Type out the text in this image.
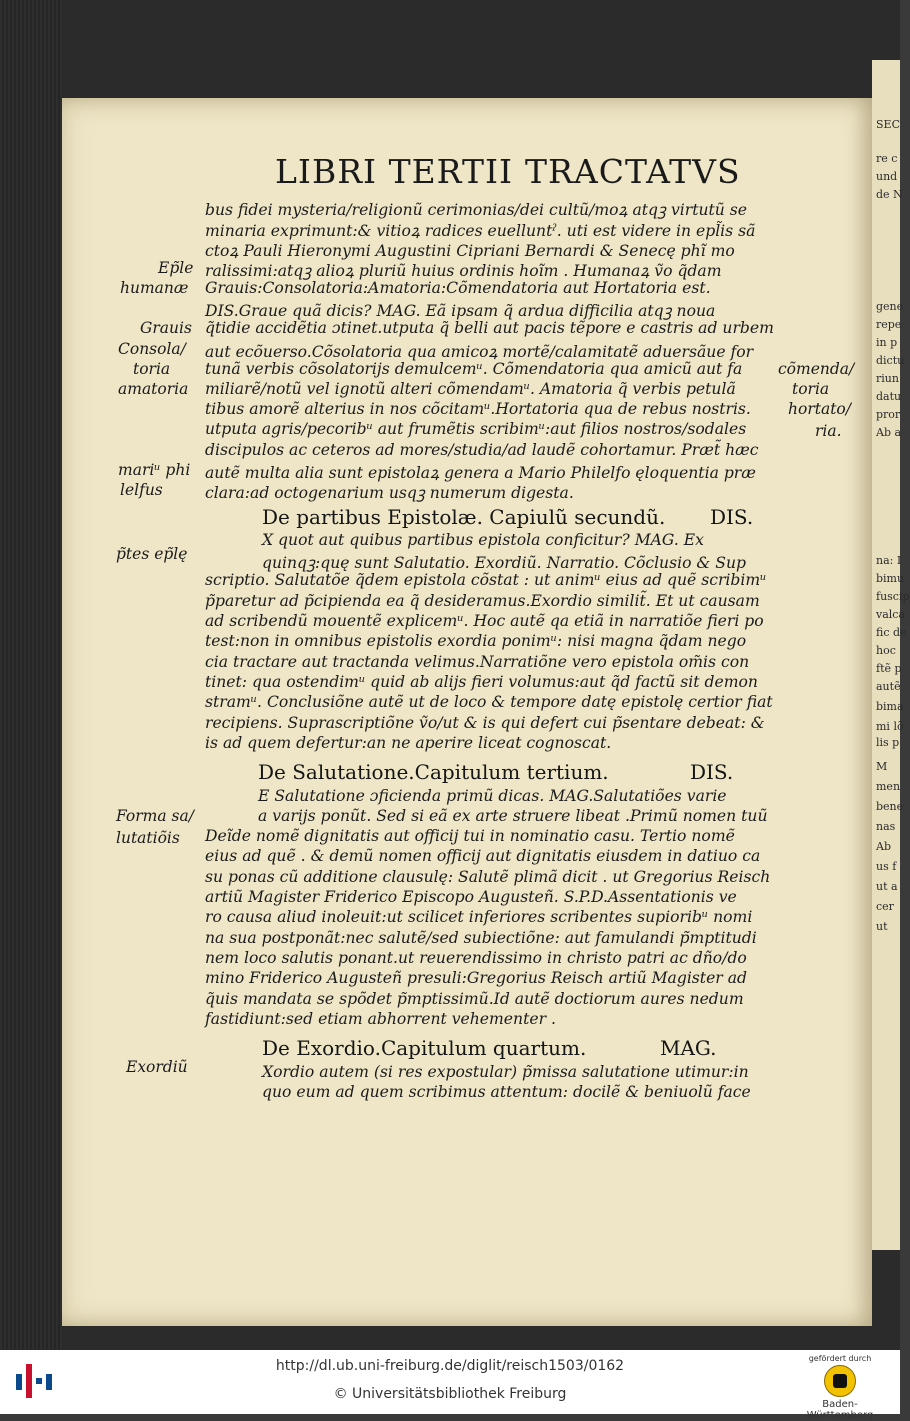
SEC
re c
und
de N
gene
repe
in p
dictu
riun
datu
pror
Ab a
na: I
bimu
fuscip
valca
fic de
hoc
ftẽ p
autẽ
bima
mi lõ
lis p
M
men
bene
nas
Ab
us f
ut a
cer
ut
LIBRI TERTII TRACTATVS
bus fidei mysteria/religionũ cerimonias/dei cultũ/moꝝ atqꝫ virtutũ se
minaria exprimunt:& vitioꝝ radices euelluntˀ. uti est videre in epl̃is sã
ctoꝝ Pauli Hieronymi Augustini Cipriani Bernardi & Senecę phĩ mo
ralissimi:atqꝫ alioꝝ pluriũ huius ordinis hoĩm . Humanaꝝ ṽo q̃dam
Grauis:Consolatoria:Amatoria:Cõmendatoria aut Hortatoria est.
DIS.Graue quã dicis? MAG. Eã ipsam q̃ ardua difficilia atqꝫ noua
q̃tidie accidẽtia ɔtinet.utputa q̃ belli aut pacis tẽpore e castris ad urbem
aut ecõuerso.Cõsolatoria qua amicoꝝ mortẽ/calamitatẽ aduersãue for
tunã verbis cõsolatorijs demulcemᵘ. Cõmendatoria qua amicũ aut fa
miliarẽ/notũ vel ignotũ alteri cõmendamᵘ. Amatoria q̃ verbis petulã
tibus amorẽ alterius in nos cõcitamᵘ.Hortatoria qua de rebus nostris.
utputa agris/pecoribᵘ aut frumẽtis scribimᵘ:aut filios nostros/sodales
discipulos ac ceteros ad mores/studia/ad laudẽ cohortamur. Præt̃ hæc
autẽ multa alia sunt epistolaꝝ genera a Mario Philelfo ęloquentia præ
clara:ad octogenarium usqꝫ numerum digesta.
De partibus Epistolæ. Capiulũ secundũ. DIS.
X quot aut quibus partibus epistola conficitur? MAG. Ex
quinqꝫ:quę sunt Salutatio. Exordiũ. Narratio. Cõclusio & Sup
scriptio. Salutatõe q̃dem epistola cõstat : ut animᵘ eius ad quẽ scribimᵘ
p̃paretur ad p̃cipienda ea q̃ desideramus.Exordio similit̃. Et ut causam
ad scribendũ mouentẽ explicemᵘ. Hoc autẽ qa etiã in narratiõe fieri po
test:non in omnibus epistolis exordia ponimᵘ: nisi magna q̃dam nego
cia tractare aut tractanda velimus.Narratiõne vero epistola om̃is con
tinet: qua ostendimᵘ quid ab alijs fieri volumus:aut q̃d factũ sit demon
stramᵘ. Conclusiõne autẽ ut de loco & tempore datę epistolę certior fiat
recipiens. Suprascriptiõne ṽo/ut & is qui defert cui p̃sentare debeat: &
is ad quem defertur:an ne aperire liceat cognoscat.
De Salutatione.Capitulum tertium.	DIS.
E Salutatione ɔficienda primũ dicas. MAG.Salutatiões varie
a varijs ponũt. Sed si eã ex arte struere libeat .Primũ nomen tuũ
Deĩde nomẽ dignitatis aut officij tui in nominatio casu. Tertio nomẽ
eius ad quẽ . & demũ nomen officij aut dignitatis eiusdem in datiuo ca
su ponas cũ additione clausulę: Salutẽ plimã dicit . ut Gregorius Reisch
artiũ Magister Friderico Episcopo Augusteñ. S.P.D.Assentationis ve
ro causa aliud inoleuit:ut scilicet inferiores scribentes supioribᵘ nomi
na sua postponãt:nec salutẽ/sed subiectiõne: aut famulandi p̃mptitudi
nem loco salutis ponant.ut reuerendissimo in christo patri ac dño/do
mino Friderico Augusteñ presuli:Gregorius Reisch artiũ Magister ad
q̃uis mandata se spõdet p̃mptissimũ.Id autẽ doctiorum aures nedum
fastidiunt:sed etiam abhorrent vehementer .
De Exordio.Capitulum quartum.	MAG.
Xordio autem (si res expostular) p̃missa salutatione utimur:in
quo eum ad quem scribimus attentum: docilẽ & beniuolũ face
Ep̃le
humanæ
Grauis
Consola/
toria
amatoria
mariᵘ phi
lelfus
p̃tes ep̃lę
Forma sa/
lutatiõis
Exordiũ
cõmenda/
toria
hortato/
ria.
http://dl.ub.uni-freiburg.de/diglit/reisch1503/0162
© Universitätsbibliothek Freiburg
gefördert durch
Baden-Württemberg
